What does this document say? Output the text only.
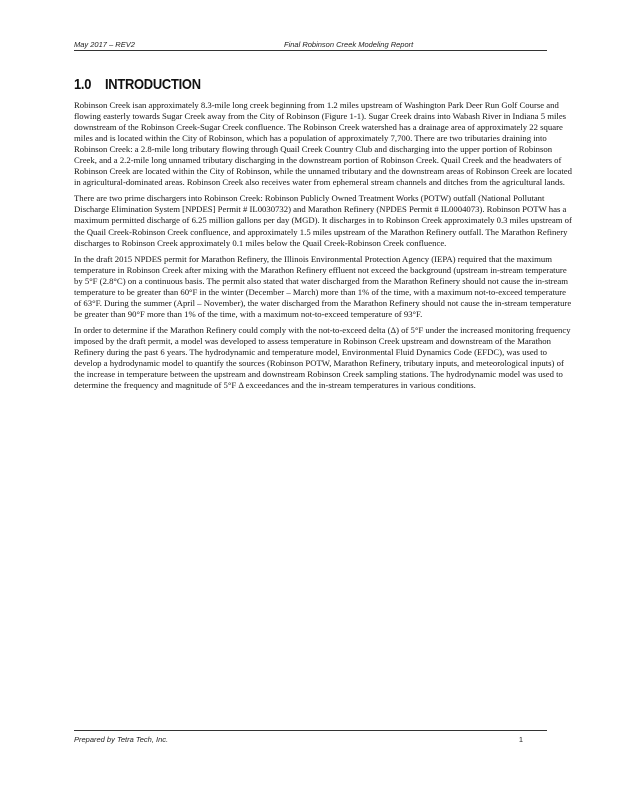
May 2017 – REV2	Final Robinson Creek Modeling Report
1.0 INTRODUCTION

Robinson Creek isan approximately 8.3-mile long creek beginning from 1.2 miles upstream of Washington Park Deer Run Golf Course and flowing easterly towards Sugar Creek away from the City of Robinson (Figure 1-1). Sugar Creek drains into Wabash River in Indiana 5 miles downstream of the Robinson Creek-Sugar Creek confluence. The Robinson Creek watershed has a drainage area of approximately 22 square miles and is located within the City of Robinson, which has a population of approximately 7,700. There are two tributaries draining into Robinson Creek: a 2.8-mile long tributary flowing through Quail Creek Country Club and discharging into the upper portion of Robinson Creek, and a 2.2-mile long unnamed tributary discharging in the downstream portion of Robinson Creek. Quail Creek and the headwaters of Robinson Creek are located within the City of Robinson, while the unnamed tributary and the downstream areas of Robinson Creek are located in agricultural-dominated areas. Robinson Creek also receives water from ephemeral stream channels and ditches from the agricultural lands.

There are two prime dischargers into Robinson Creek: Robinson Publicly Owned Treatment Works (POTW) outfall (National Pollutant Discharge Elimination System [NPDES] Permit # IL0030732) and Marathon Refinery (NPDES Permit # IL0004073). Robinson POTW has a maximum permitted discharge of 6.25 million gallons per day (MGD). It discharges in to Robinson Creek approximately 0.3 miles upstream of the Quail Creek-Robinson Creek confluence, and approximately 1.5 miles upstream of the Marathon Refinery outfall. The Marathon Refinery discharges to Robinson Creek approximately 0.1 miles below the Quail Creek-Robinson Creek confluence.

In the draft 2015 NPDES permit for Marathon Refinery, the Illinois Environmental Protection Agency (IEPA) required that the maximum temperature in Robinson Creek after mixing with the Marathon Refinery effluent not exceed the background (upstream in-stream temperature by 5°F (2.8°C) on a continuous basis. The permit also stated that water discharged from the Marathon Refinery should not cause the in-stream temperature to be greater than 60°F in the winter (December – March) more than 1% of the time, with a maximum not-to-exceed temperature of 63°F. During the summer (April – November), the water discharged from the Marathon Refinery should not cause the in-stream temperature be greater than 90°F more than 1% of the time, with a maximum not-to-exceed temperature of 93°F.

In order to determine if the Marathon Refinery could comply with the not-to-exceed delta (Δ) of 5°F under the increased monitoring frequency imposed by the draft permit, a model was developed to assess temperature in Robinson Creek upstream and downstream of the Marathon Refinery during the past 6 years. The hydrodynamic and temperature model, Environmental Fluid Dynamics Code (EFDC), was used to develop a hydrodynamic model to quantify the sources (Robinson POTW, Marathon Refinery, tributary inputs, and meteorological inputs) of the increase in temperature between the upstream and downstream Robinson Creek sampling stations. The hydrodynamic model was used to determine the frequency and magnitude of 5°F Δ exceedances and the in-stream temperatures in various conditions.

Prepared by Tetra Tech, Inc.	1
